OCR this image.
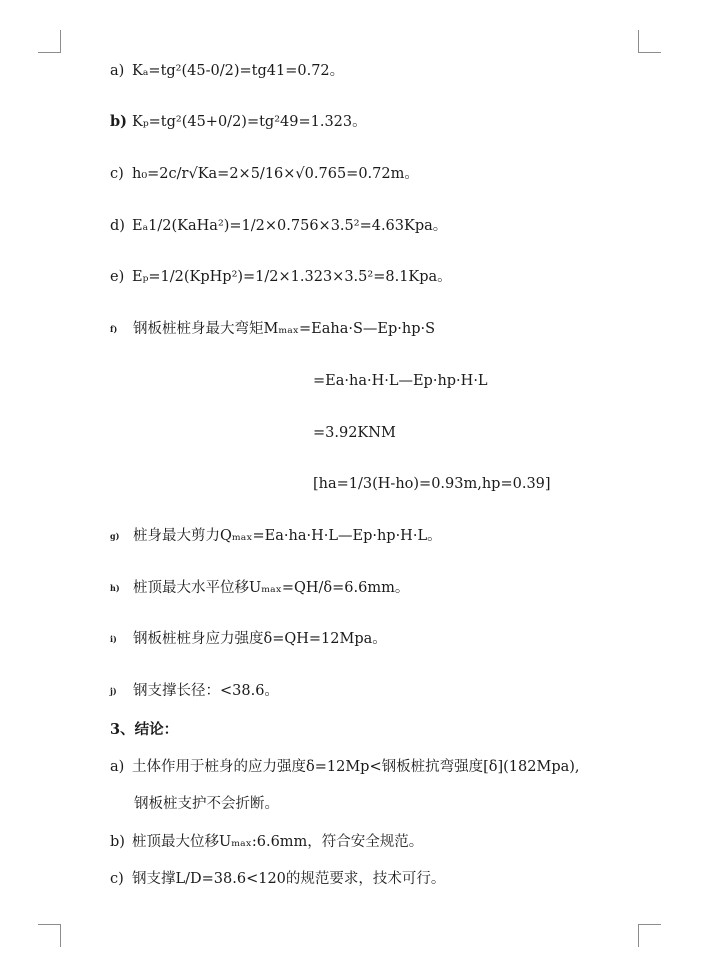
a) Kₐ=tg²(45-0/2)=tg41=0.72。
b) Kₚ=tg²(45+0/2)=tg²49=1.323。
c) h₀=2c/r√Ka=2×5/16×√0.765=0.72m。
d) Eₐ1/2(KaHa²)=1/2×0.756×3.5²=4.63Kpa。
e) Eₚ=1/2(KpHp²)=1/2×1.323×3.5²=8.1Kpa。
f) 钢板桩桩身最大弯矩Mₘₐₓ=Eaha·S—Ep·hp·S
=Ea·ha·H·L—Ep·hp·H·L
=3.92KNM
[ha=1/3(H-ho)=0.93m,hp=0.39]
g) 桩身最大剪力Qₘₐₓ=Ea·ha·H·L—Ep·hp·H·L。
h) 桩顶最大水平位移Uₘₐₓ=QH/δ=6.6mm。
i) 钢板桩桩身应力强度δ=QH=12Mpa。
j) 钢支撑长径：<38.6。
3、结论：
a) 土体作用于桩身的应力强度δ=12Mp<钢板桩抗弯强度[δ](182Mpa),
钢板桩支护不会折断。
b) 桩顶最大位移Uₘₐₓ:6.6mm，符合安全规范。
c) 钢支撑L/D=38.6<120的规范要求，技术可行。
